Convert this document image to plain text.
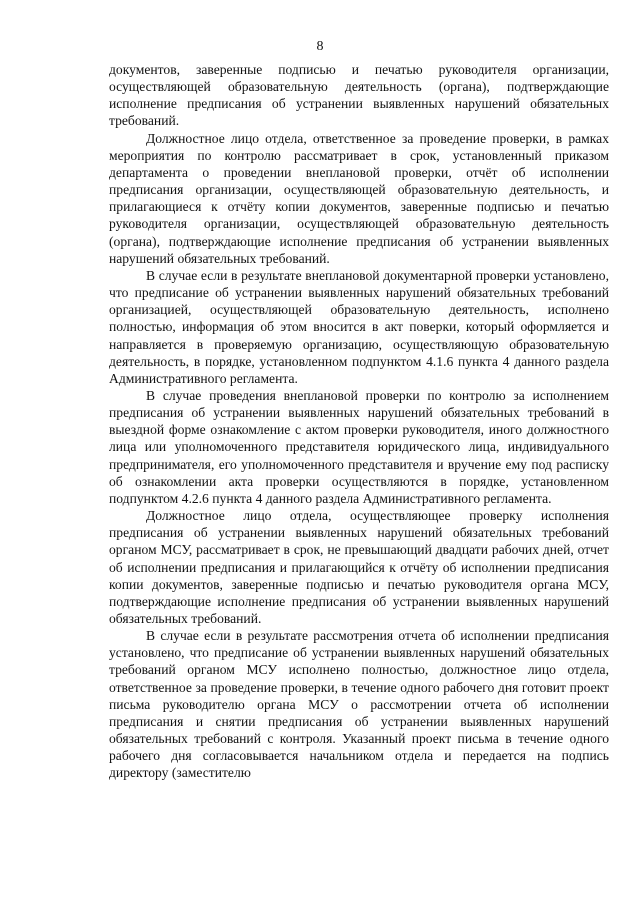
8

документов, заверенные подписью и печатью руководителя организации, осуществляющей образовательную деятельность (органа), подтверждающие исполнение предписания об устранении выявленных нарушений обязательных требований.

Должностное лицо отдела, ответственное за проведение проверки, в рамках мероприятия по контролю рассматривает в срок, установленный приказом департамента о проведении внеплановой проверки, отчёт об исполнении предписания организации, осуществляющей образовательную деятельность, и прилагающиеся к отчёту копии документов, заверенные подписью и печатью руководителя организации, осуществляющей образовательную деятельность (органа), подтверждающие исполнение предписания об устранении выявленных нарушений обязательных требований.

В случае если в результате внеплановой документарной проверки установлено, что предписание об устранении выявленных нарушений обязательных требований организацией, осуществляющей образовательную деятельность, исполнено полностью, информация об этом вносится в акт поверки, который оформляется и направляется в проверяемую организацию, осуществляющую образовательную деятельность, в порядке, установленном подпунктом 4.1.6 пункта 4 данного раздела Административного регламента.

В случае проведения внеплановой проверки по контролю за исполнением предписания об устранении выявленных нарушений обязательных требований в выездной форме ознакомление с актом проверки руководителя, иного должностного лица или уполномоченного представителя юридического лица, индивидуального предпринимателя, его уполномоченного представителя и вручение ему под расписку об ознакомлении акта проверки осуществляются в порядке, установленном подпунктом 4.2.6 пункта 4 данного раздела Административного регламента.

Должностное лицо отдела, осуществляющее проверку исполнения предписания об устранении выявленных нарушений обязательных требований органом МСУ, рассматривает в срок, не превышающий двадцати рабочих дней, отчет об исполнении предписания и прилагающийся к отчёту об исполнении предписания копии документов, заверенные подписью и печатью руководителя органа МСУ, подтверждающие исполнение предписания об устранении выявленных нарушений обязательных требований.

В случае если в результате рассмотрения отчета об исполнении предписания установлено, что предписание об устранении выявленных нарушений обязательных требований органом МСУ исполнено полностью, должностное лицо отдела, ответственное за проведение проверки, в течение одного рабочего дня готовит проект письма руководителю органа МСУ о рассмотрении отчета об исполнении предписания и снятии предписания об устранении выявленных нарушений обязательных требований с контроля. Указанный проект письма в течение одного рабочего дня согласовывается начальником отдела и передается на подпись директору (заместителю
